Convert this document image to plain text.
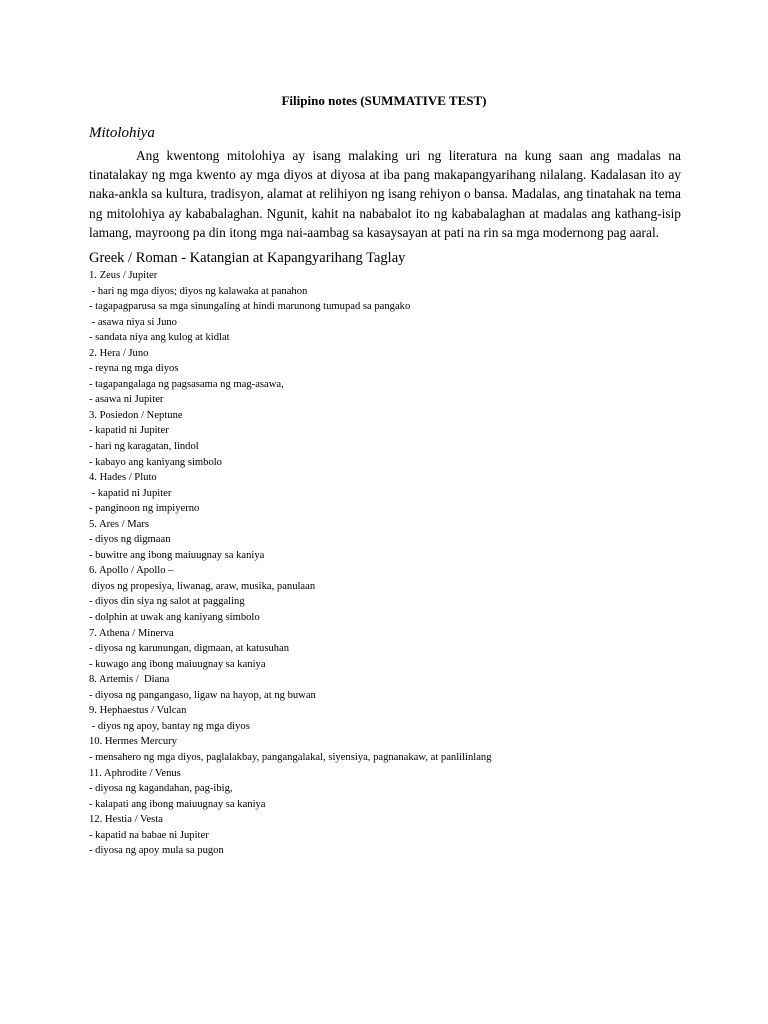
Filipino notes (SUMMATIVE TEST)
Mitolohiya

Ang kwentong mitolohiya ay isang malaking uri ng literatura na kung saan ang madalas na tinatalakay ng mga kwento ay mga diyos at diyosa at iba pang makapangyarihang nilalang. Kadalasan ito ay naka-ankla sa kultura, tradisyon, alamat at relihiyon ng isang rehiyon o bansa. Madalas, ang tinatahak na tema ng mitolohiya ay kababalaghan. Ngunit, kahit na nababalot ito ng kababalaghan at madalas ang kathang-isip lamang, mayroong pa din itong mga nai-aambag sa kasaysayan at pati na rin sa mga modernong pag aaral.

Greek / Roman - Katangian at Kapangyarihang Taglay
1. Zeus / Jupiter
- hari ng mga diyos; diyos ng kalawaka at panahon
- tagapagparusa sa mga sinungaling at hindi marunong tumupad sa pangako
- asawa niya si Juno
- sandata niya ang kulog at kidlat
2. Hera / Juno
- reyna ng mga diyos
- tagapangalaga ng pagsasama ng mag-asawa,
- asawa ni Jupiter
3. Posiedon / Neptune
- kapatid ni Jupiter
- hari ng karagatan, lindol
- kabayo ang kaniyang simbolo
4. Hades / Pluto
- kapatid ni Jupiter
- panginoon ng impiyerno
5. Ares / Mars
- diyos ng digmaan
- buwitre ang ibong maiuugnay sa kaniya
6. Apollo / Apollo –
diyos ng propesiya, liwanag, araw, musika, panulaan
- diyos din siya ng salot at paggaling
- dolphin at uwak ang kaniyang simbolo
7. Athena / Minerva
- diyosa ng karunungan, digmaan, at katusuhan
- kuwago ang ibong maiuugnay sa kaniya
8. Artemis /  Diana
- diyosa ng pangangaso, ligaw na hayop, at ng buwan
9. Hephaestus / Vulcan
- diyos ng apoy, bantay ng mga diyos
10. Hermes Mercury
- mensahero ng mga diyos, paglalakbay, pangangalakal, siyensiya, pagnanakaw, at panlilinlang
11. Aphrodite / Venus
- diyosa ng kagandahan, pag-ibig,
- kalapati ang ibong maiuugnay sa kaniya
12. Hestia / Vesta
- kapatid na babae ni Jupiter
- diyosa ng apoy mula sa pugon
